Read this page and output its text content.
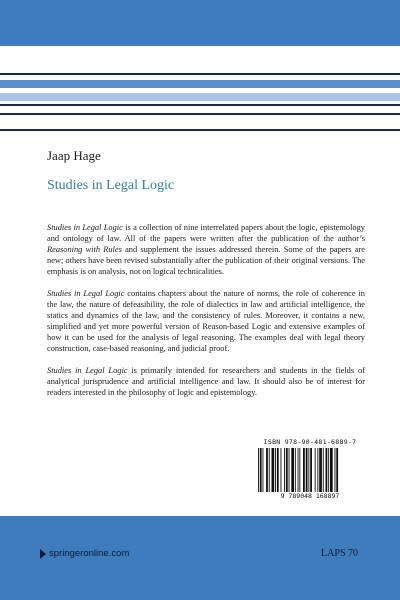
Jaap Hage
Studies in Legal Logic

Studies in Legal Logic is a collection of nine interrelated papers about the logic, epistemology and ontology of law. All of the papers were written after the publication of the author’s Reasoning with Rules and supplement the issues addressed therein. Some of the papers are new; others have been revised substantially after the publication of their original versions. The emphasis is on analysis, not on logical technicalities.

Studies in Legal Logic contains chapters about the nature of norms, the role of coherence in the law, the nature of defeasibility, the role of dialectics in law and artificial intelligence, the statics and dynamics of the law, and the consistency of rules. Moreover, it contains a new, simplified and yet more powerful version of Reason-based Logic and extensive examples of how it can be used for the analysis of legal reasoning. The examples deal with legal theory construction, case-based reasoning, and judicial proof.

Studies in Legal Logic is primarily intended for researchers and students in the fields of analytical jurisprudence and artificial intelligence and law. It should also be of interest for readers interested in the philosophy of logic and epistemology.

ISBN 978-90-481-6889-7
9 789048 168897
springeronline.com	LAPS 70
